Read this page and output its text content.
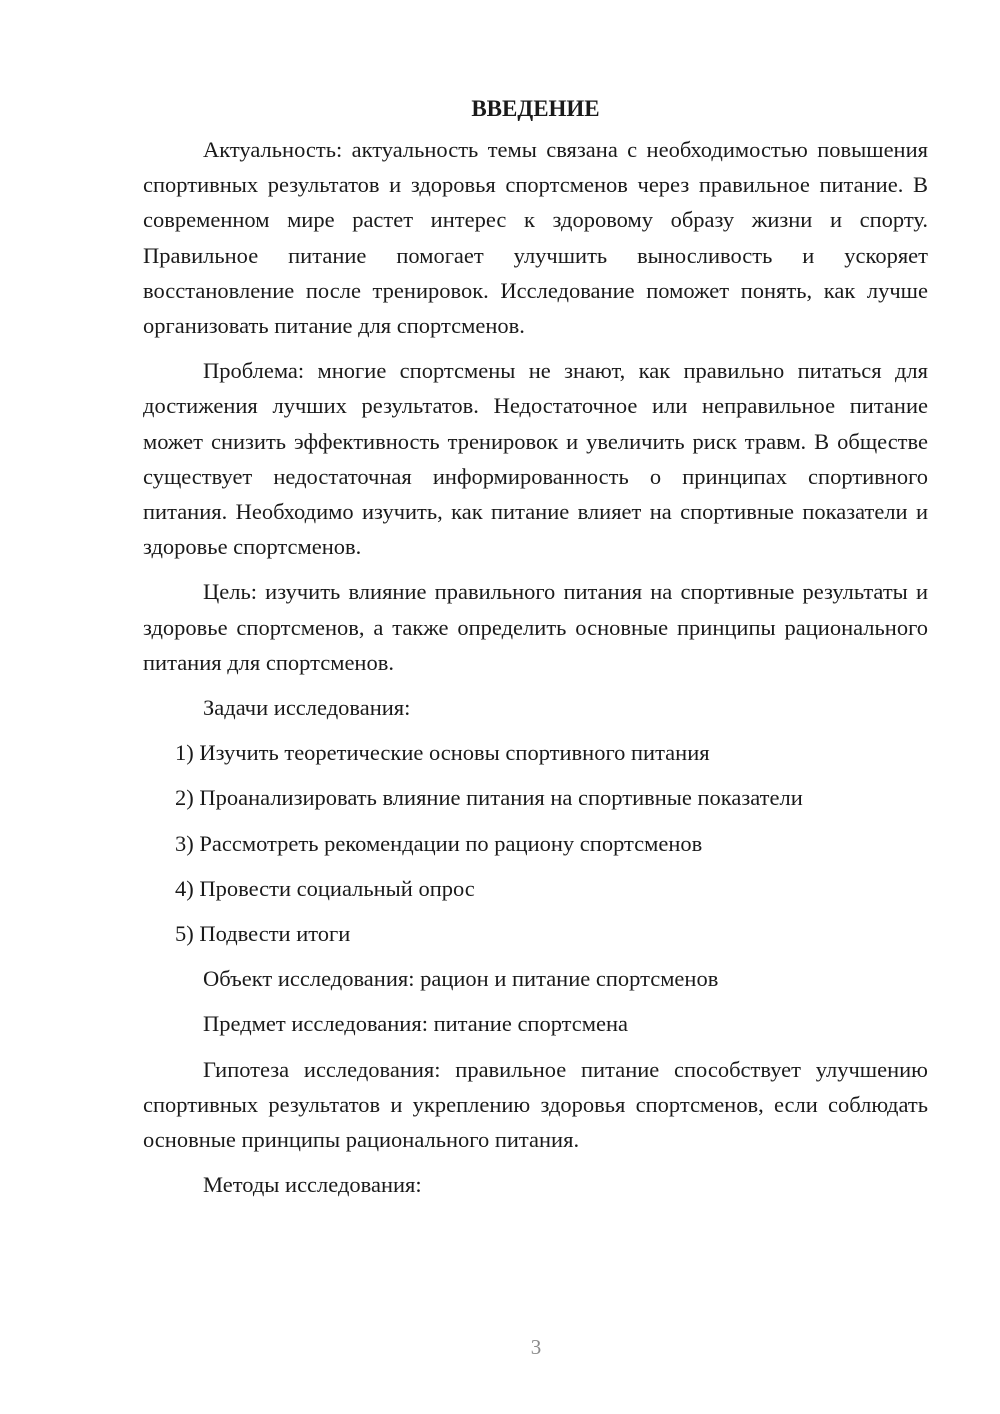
ВВЕДЕНИЕ

Актуальность: актуальность темы связана с необходимостью повышения спортивных результатов и здоровья спортсменов через правильное питание. В современном мире растет интерес к здоровому образу жизни и спорту. Правильное питание помогает улучшить выносливость и ускоряет восстановление после тренировок. Исследование поможет понять, как лучше организовать питание для спортсменов.

Проблема: многие спортсмены не знают, как правильно питаться для достижения лучших результатов. Недостаточное или неправильное питание может снизить эффективность тренировок и увеличить риск травм. В обществе существует недостаточная информированность о принципах спортивного питания. Необходимо изучить, как питание влияет на спортивные показатели и здоровье спортсменов.

Цель: изучить влияние правильного питания на спортивные результаты и здоровье спортсменов, а также определить основные принципы рационального питания для спортсменов.

Задачи исследования:
1) Изучить теоретические основы спортивного питания
2) Проанализировать влияние питания на спортивные показатели
3) Рассмотреть рекомендации по рациону спортсменов
4) Провести социальный опрос
5) Подвести итоги
Объект исследования: рацион и питание спортсменов
Предмет исследования: питание спортсмена

Гипотеза исследования: правильное питание способствует улучшению спортивных результатов и укреплению здоровья спортсменов, если соблюдать основные принципы рационального питания.

Методы исследования:
3
